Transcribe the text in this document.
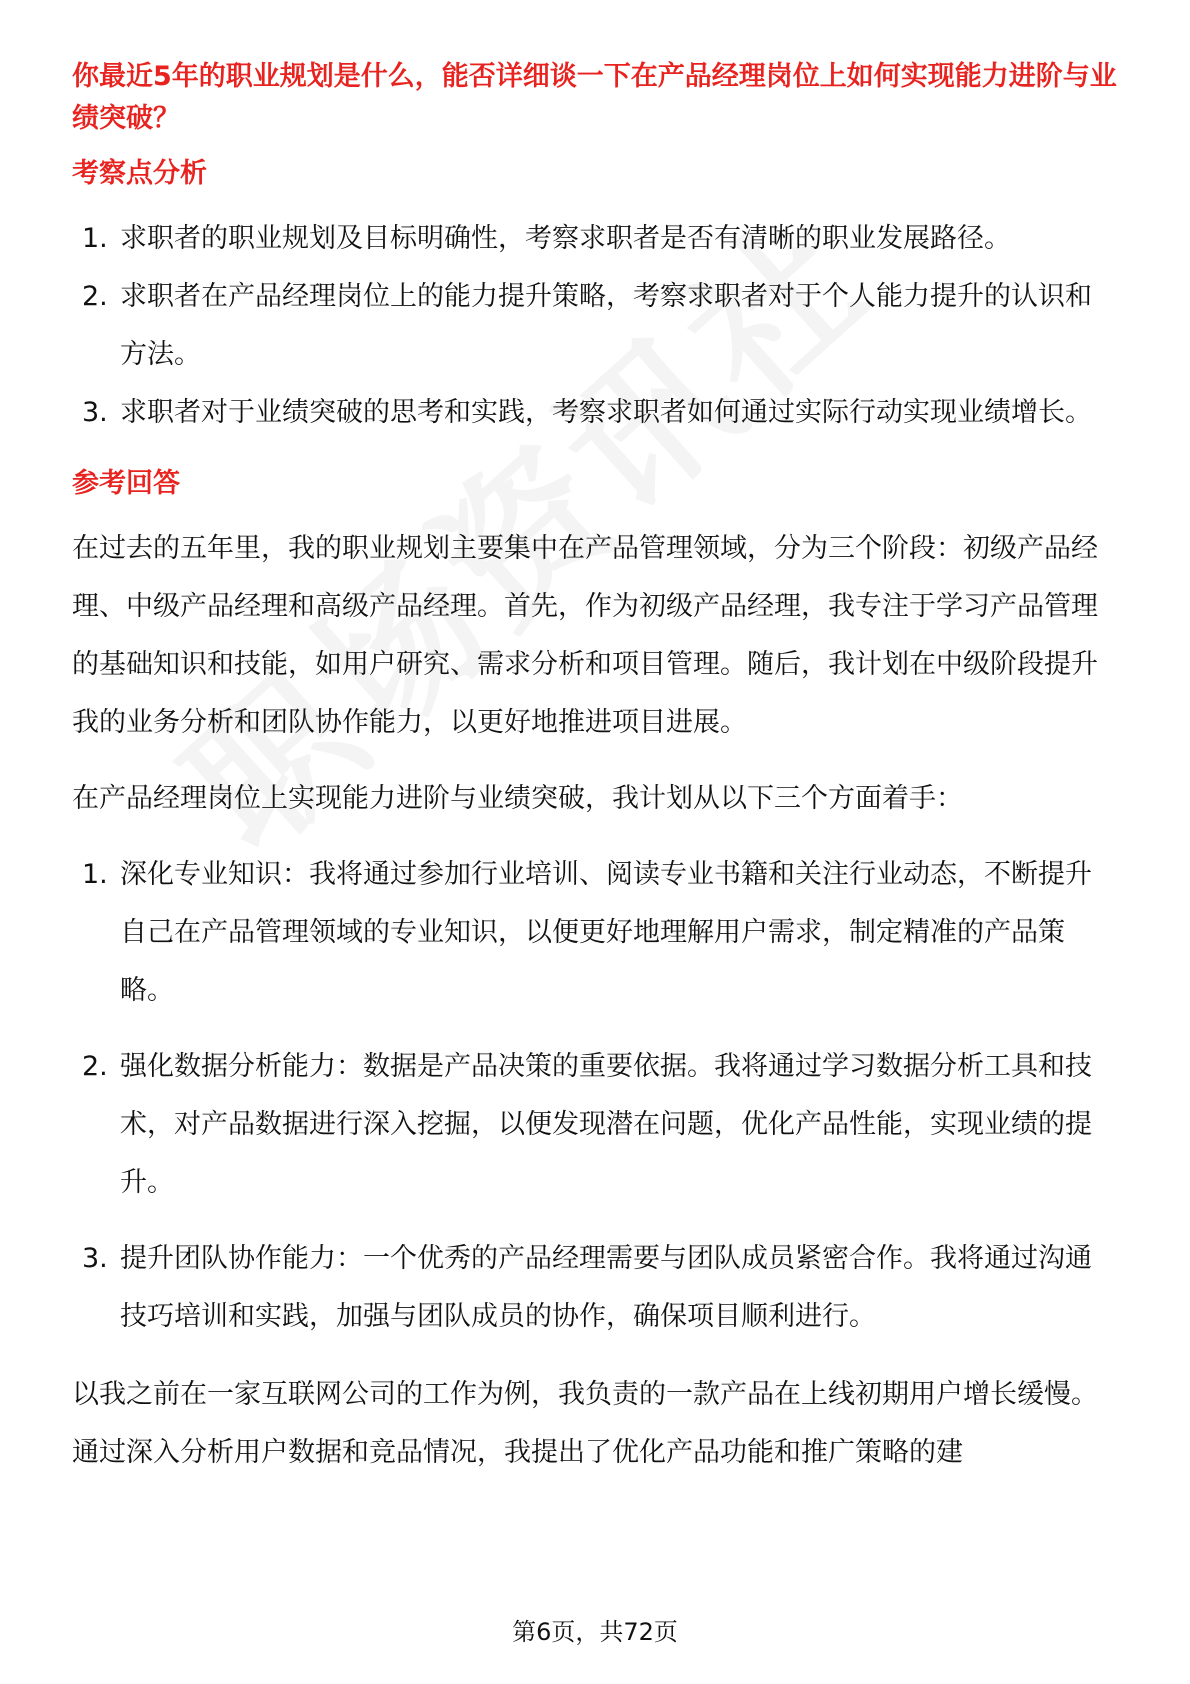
你最近5年的职业规划是什么，能否详细谈一下在产品经理岗位上如何实现能力进阶与业绩突破？

考察点分析
1. 求职者的职业规划及目标明确性，考察求职者是否有清晰的职业发展路径。
2. 求职者在产品经理岗位上的能力提升策略，考察求职者对于个人能力提升的认识和方法。
3. 求职者对于业绩突破的思考和实践，考察求职者如何通过实际行动实现业绩增长。
参考回答

在过去的五年里，我的职业规划主要集中在产品管理领域，分为三个阶段：初级产品经理、中级产品经理和高级产品经理。首先，作为初级产品经理，我专注于学习产品管理的基础知识和技能，如用户研究、需求分析和项目管理。随后，我计划在中级阶段提升我的业务分析和团队协作能力，以更好地推进项目进展。

在产品经理岗位上实现能力进阶与业绩突破，我计划从以下三个方面着手：

1. 深化专业知识：我将通过参加行业培训、阅读专业书籍和关注行业动态，不断提升自己在产品管理领域的专业知识，以便更好地理解用户需求，制定精准的产品策略。
2. 强化数据分析能力：数据是产品决策的重要依据。我将通过学习数据分析工具和技术，对产品数据进行深入挖掘，以便发现潜在问题，优化产品性能，实现业绩的提升。
3. 提升团队协作能力：一个优秀的产品经理需要与团队成员紧密合作。我将通过沟通技巧培训和实践，加强与团队成员的协作，确保项目顺利进行。

以我之前在一家互联网公司的工作为例，我负责的一款产品在上线初期用户增长缓慢。通过深入分析用户数据和竞品情况，我提出了优化产品功能和推广策略的建

第6页，共72页
